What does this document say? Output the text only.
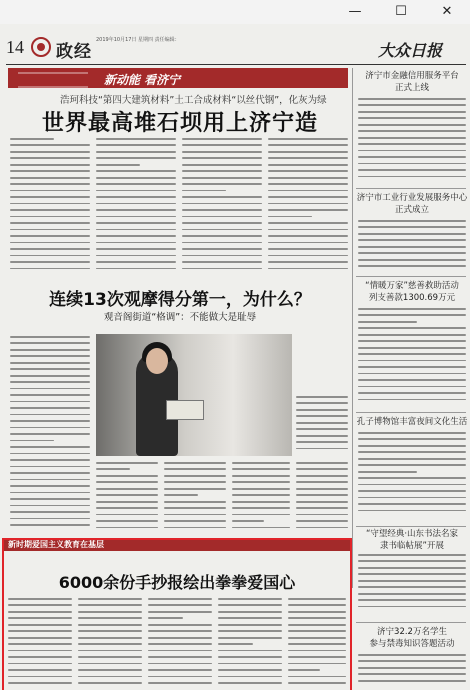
—	☐	✕
14 政经
2019年10月17日 星期四 责任编辑：
大众日报
新动能 看济宁
浩珂科技“第四大建筑材料”土工合成材料“以丝代钢”，化灰为绿
世界最高堆石坝用上济宁造
连续13次观摩得分第一，为什么？
观音阁街道“格调”：不能做大是耻辱
济宁市金融信用服务平台
正式上线
济宁市工业行业发展服务中心
正式成立
“情暖万家”慈善救助活动
列支善款1300.69万元
孔子博物馆丰富夜间文化生活
“守望经典·山东书法名家
隶书临帖展”开展
济宁32.2万名学生
参与禁毒知识答题活动
新时期爱国主义教育在基层
6000余份手抄报绘出拳拳爱国心
